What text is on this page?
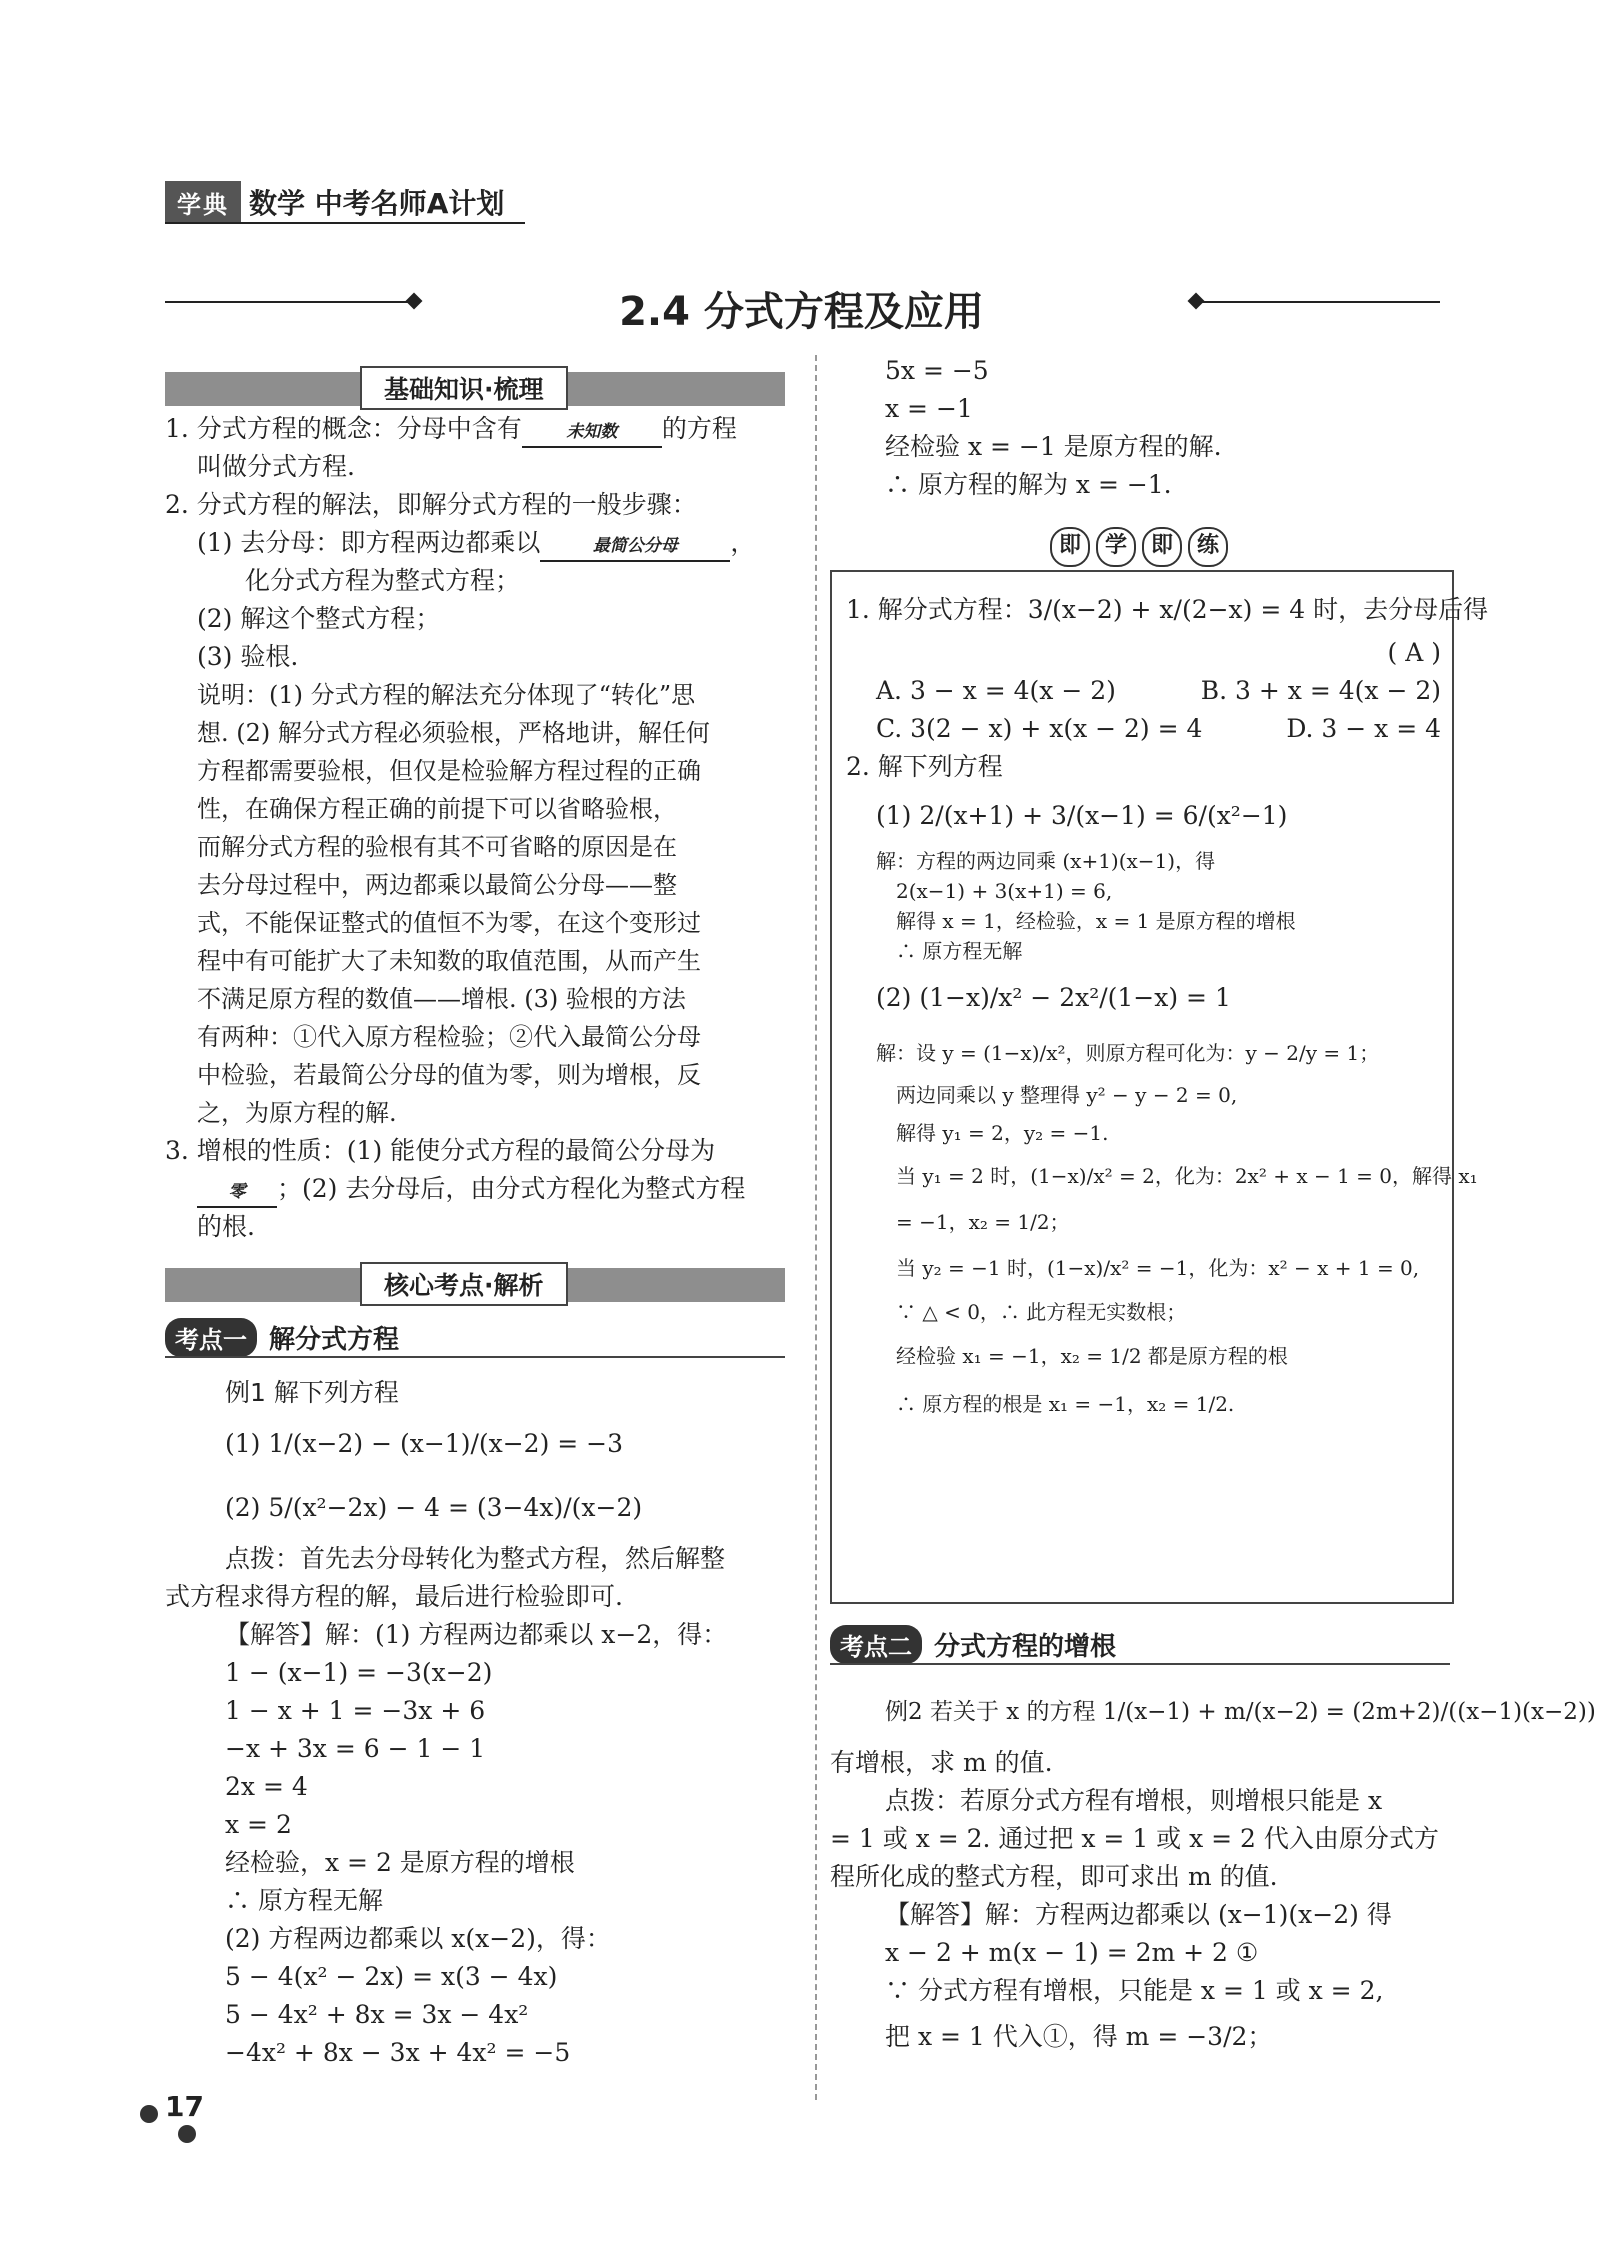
学典 数学 中考名师A计划
2.4 分式方程及应用
基础知识·梳理
1. 分式方程的概念：分母中含有	未知数 的方程
叫做分式方程.
2. 分式方程的解法，即解分式方程的一般步骤：
(1) 去分母：即方程两边都乘以	最简公分母 ，
化分式方程为整式方程；
(2) 解这个整式方程；
(3) 验根.
说明：(1) 分式方程的解法充分体现了“转化”思
想. (2) 解分式方程必须验根，严格地讲，解任何
方程都需要验根，但仅是检验解方程过程的正确
性，在确保方程正确的前提下可以省略验根，
而解分式方程的验根有其不可省略的原因是在
去分母过程中，两边都乘以最简公分母——整
式，不能保证整式的值恒不为零，在这个变形过
程中有可能扩大了未知数的取值范围，从而产生
不满足原方程的数值——增根. (3) 验根的方法
有两种：①代入原方程检验；②代入最简公分母
中检验，若最简公分母的值为零，则为增根，反
之，为原方程的解.
3. 增根的性质：(1) 能使分式方程的最简公分母为
零 ；(2) 去分母后，由分式方程化为整式方程
的根.
核心考点·解析
考点一 解分式方程
例1 解下列方程
(1) 1/(x−2) − (x−1)/(x−2) = −3
(2) 5/(x²−2x) − 4 = (3−4x)/(x−2)
点拨：首先去分母转化为整式方程，然后解整
式方程求得方程的解，最后进行检验即可.
【解答】解：(1) 方程两边都乘以 x−2，得：
1 − (x−1) = −3(x−2)
1 − x + 1 = −3x + 6
−x + 3x = 6 − 1 − 1
2x = 4
x = 2
经检验，x = 2 是原方程的增根
∴ 原方程无解
(2) 方程两边都乘以 x(x−2)，得：
5 − 4(x² − 2x) = x(3 − 4x)
5 − 4x² + 8x = 3x − 4x²
−4x² + 8x − 3x + 4x² = −5
5x = −5
x = −1
经检验 x = −1 是原方程的解.
∴ 原方程的解为 x = −1.
即	学	即	练
1. 解分式方程：3/(x−2) + x/(2−x) = 4 时，去分母后得
( A )
A. 3 − x = 4(x − 2)	B. 3 + x = 4(x − 2)
C. 3(2 − x) + x(x − 2) = 4	D. 3 − x = 4
2. 解下列方程
(1) 2/(x+1) + 3/(x−1) = 6/(x²−1)
解：方程的两边同乘 (x+1)(x−1)，得
2(x−1) + 3(x+1) = 6,
解得 x = 1，经检验，x = 1 是原方程的增根
∴ 原方程无解
(2) (1−x)/x² − 2x²/(1−x) = 1
解：设 y = (1−x)/x²，则原方程可化为：y − 2/y = 1；
两边同乘以 y 整理得 y² − y − 2 = 0,
解得 y₁ = 2，y₂ = −1.
当 y₁ = 2 时，(1−x)/x² = 2，化为：2x² + x − 1 = 0，解得 x₁
= −1，x₂ = 1/2；
当 y₂ = −1 时，(1−x)/x² = −1，化为：x² − x + 1 = 0,
∵ △ < 0，∴ 此方程无实数根；
经检验 x₁ = −1，x₂ = 1/2 都是原方程的根
∴ 原方程的根是 x₁ = −1，x₂ = 1/2.
考点二 分式方程的增根
例2 若关于 x 的方程 1/(x−1) + m/(x−2) = (2m+2)/((x−1)(x−2))
有增根，求 m 的值.
点拨：若原分式方程有增根，则增根只能是 x
= 1 或 x = 2. 通过把 x = 1 或 x = 2 代入由原分式方
程所化成的整式方程，即可求出 m 的值.
【解答】解：方程两边都乘以 (x−1)(x−2) 得
x − 2 + m(x − 1) = 2m + 2 ①
∵ 分式方程有增根，只能是 x = 1 或 x = 2,
把 x = 1 代入①，得 m = −3/2；
17
